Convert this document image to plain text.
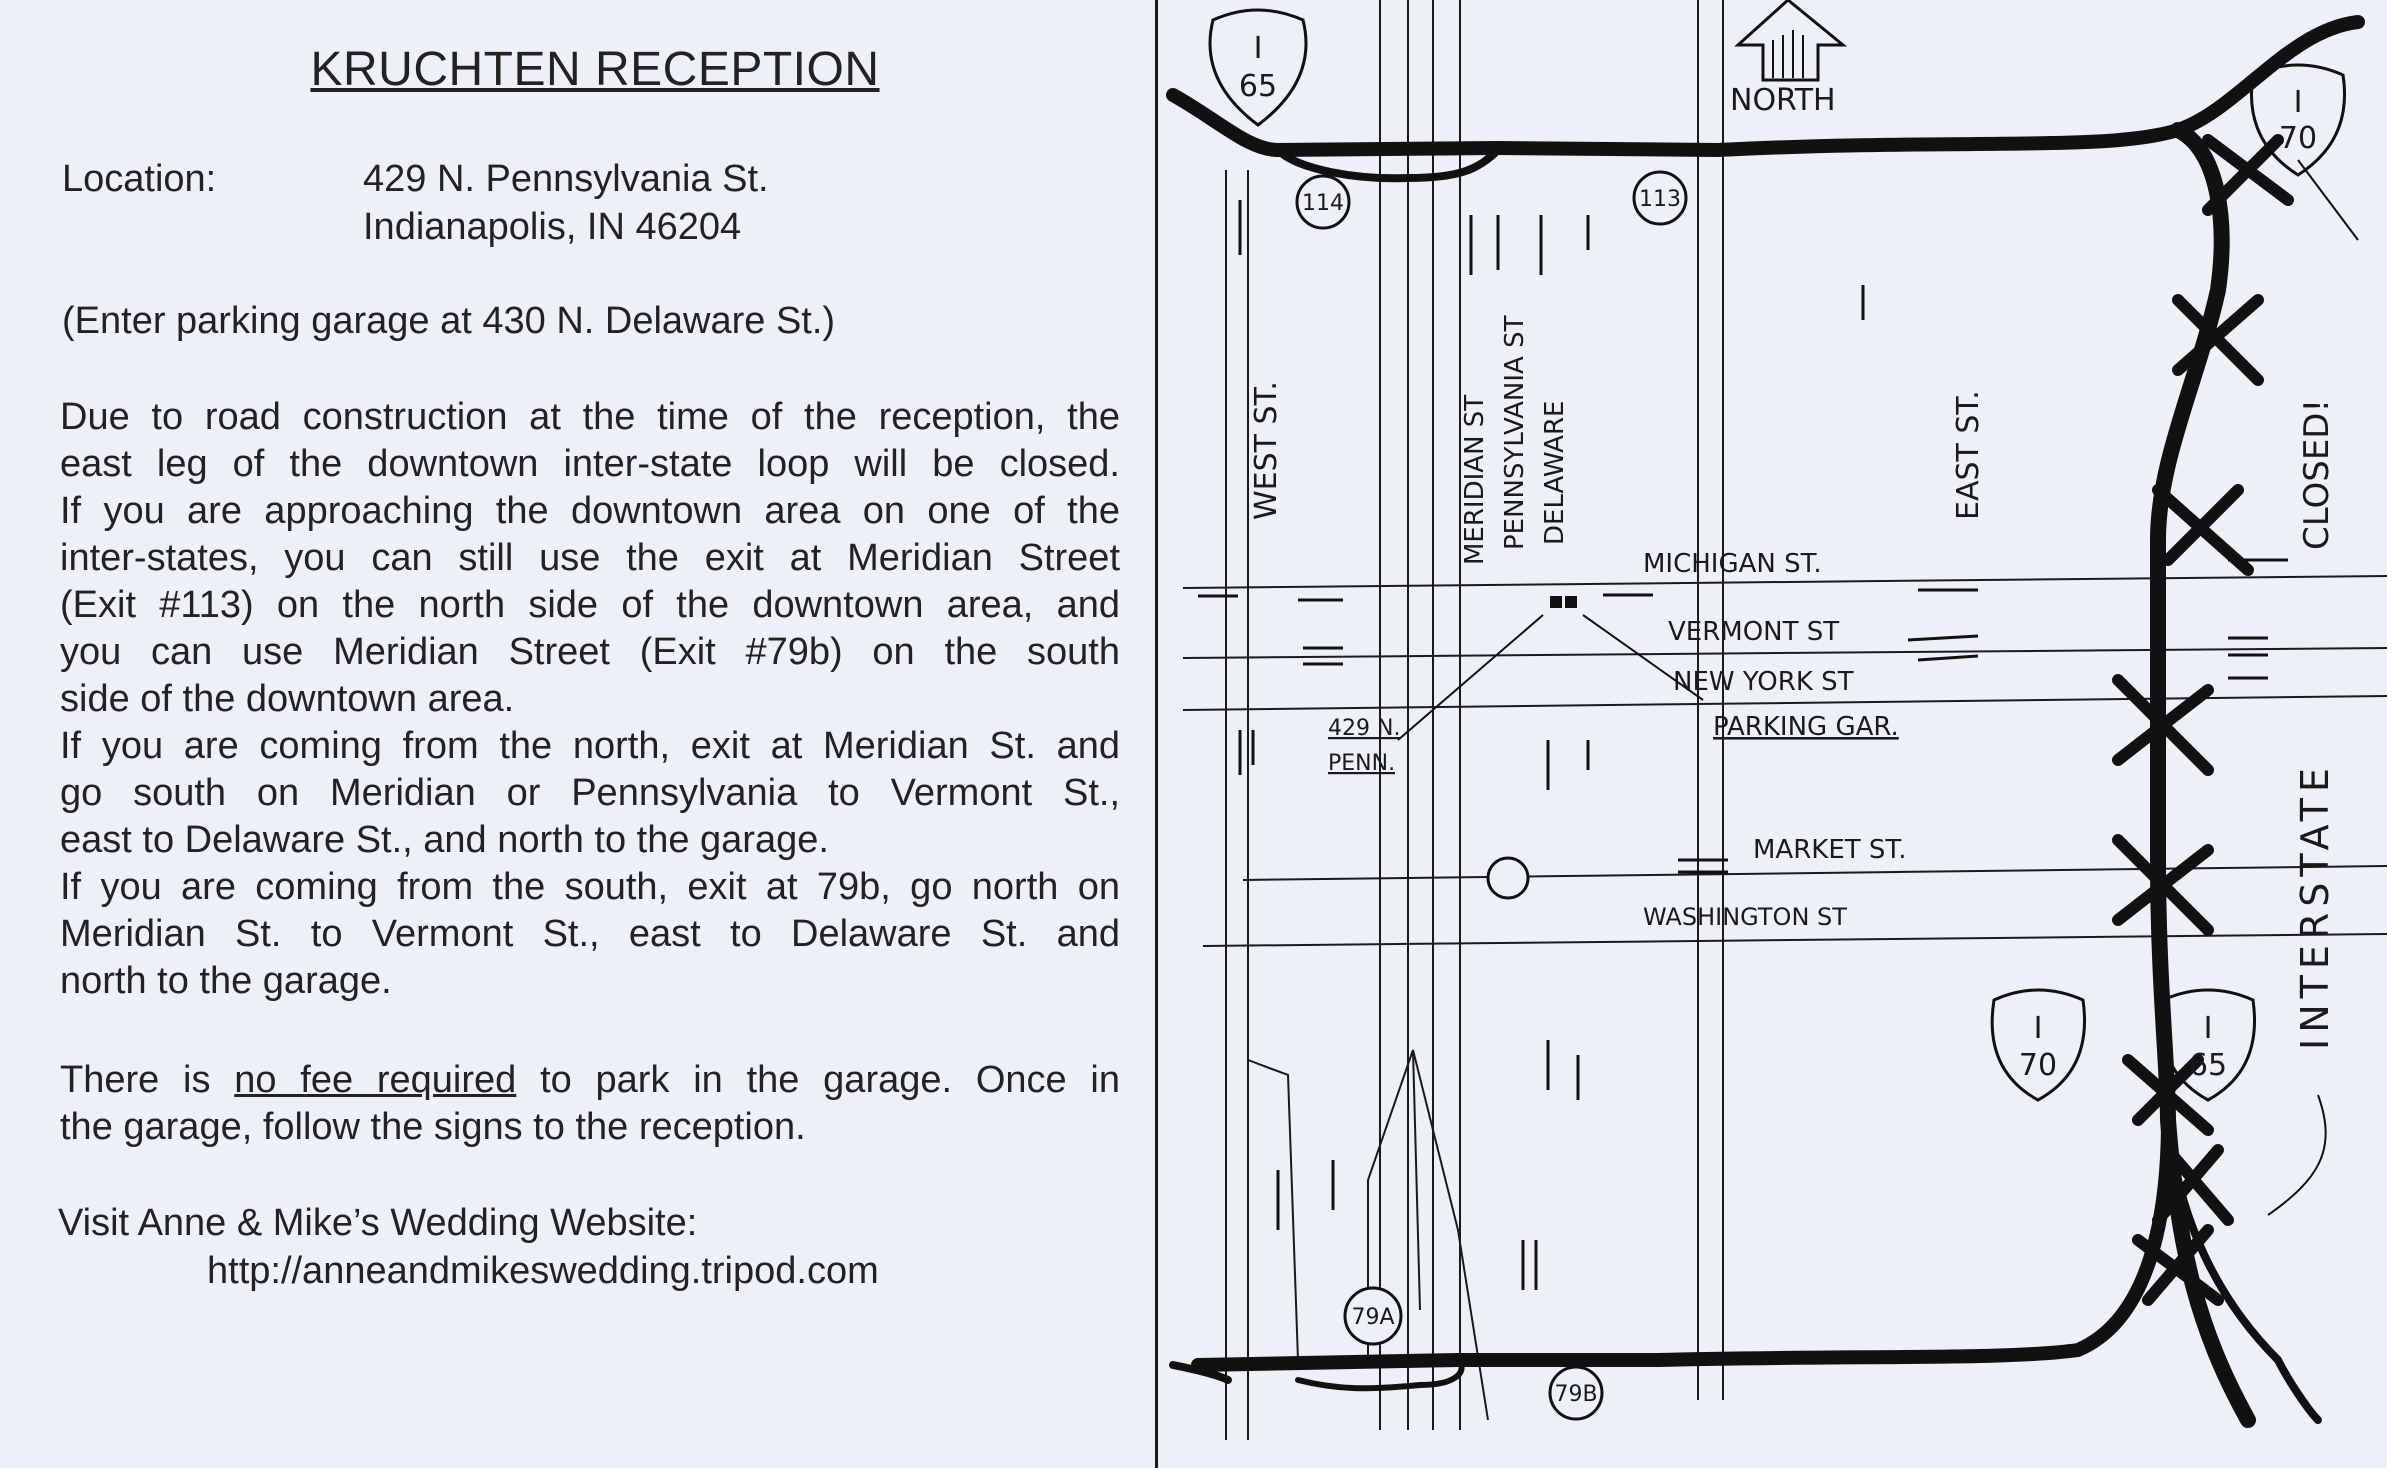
KRUCHTEN RECEPTION
Location:	429 N. Pennsylvania St.
Indianapolis, IN 46204
(Enter parking garage at 430 N. Delaware St.)
Due to road construction at the time of the reception, the
east leg of the downtown inter-state loop will be closed.
If you are approaching the downtown area on one of the
inter-states, you can still use the exit at Meridian Street
(Exit #113) on the north side of the downtown area, and
you can use Meridian Street (Exit #79b) on the south
side of the downtown area.
If you are coming from the north, exit at Meridian St. and
go south on Meridian or Pennsylvania to Vermont St.,
east to Delaware St., and north to the garage.
If you are coming from the south, exit at 79b, go north on
Meridian St. to Vermont St., east to Delaware St. and
north to the garage.
There is no fee required to park in the garage. Once in
the garage, follow the signs to the reception.
Visit Anne & Mike’s Wedding Website:
http://anneandmikeswedding.tripod.com
NORTH
I
65	I
70
I
70
I
65
114	113
79A
79B
WEST ST.	MERIDIAN ST PENNSYLVANIA ST DELAWARE	EAST ST.	CLOSED!
INTERSTATE
MICHIGAN ST.
VERMONT ST
NEW YORK ST
MARKET ST.
WASHINGTON ST
429 N.
PENN.
PARKING GAR.
